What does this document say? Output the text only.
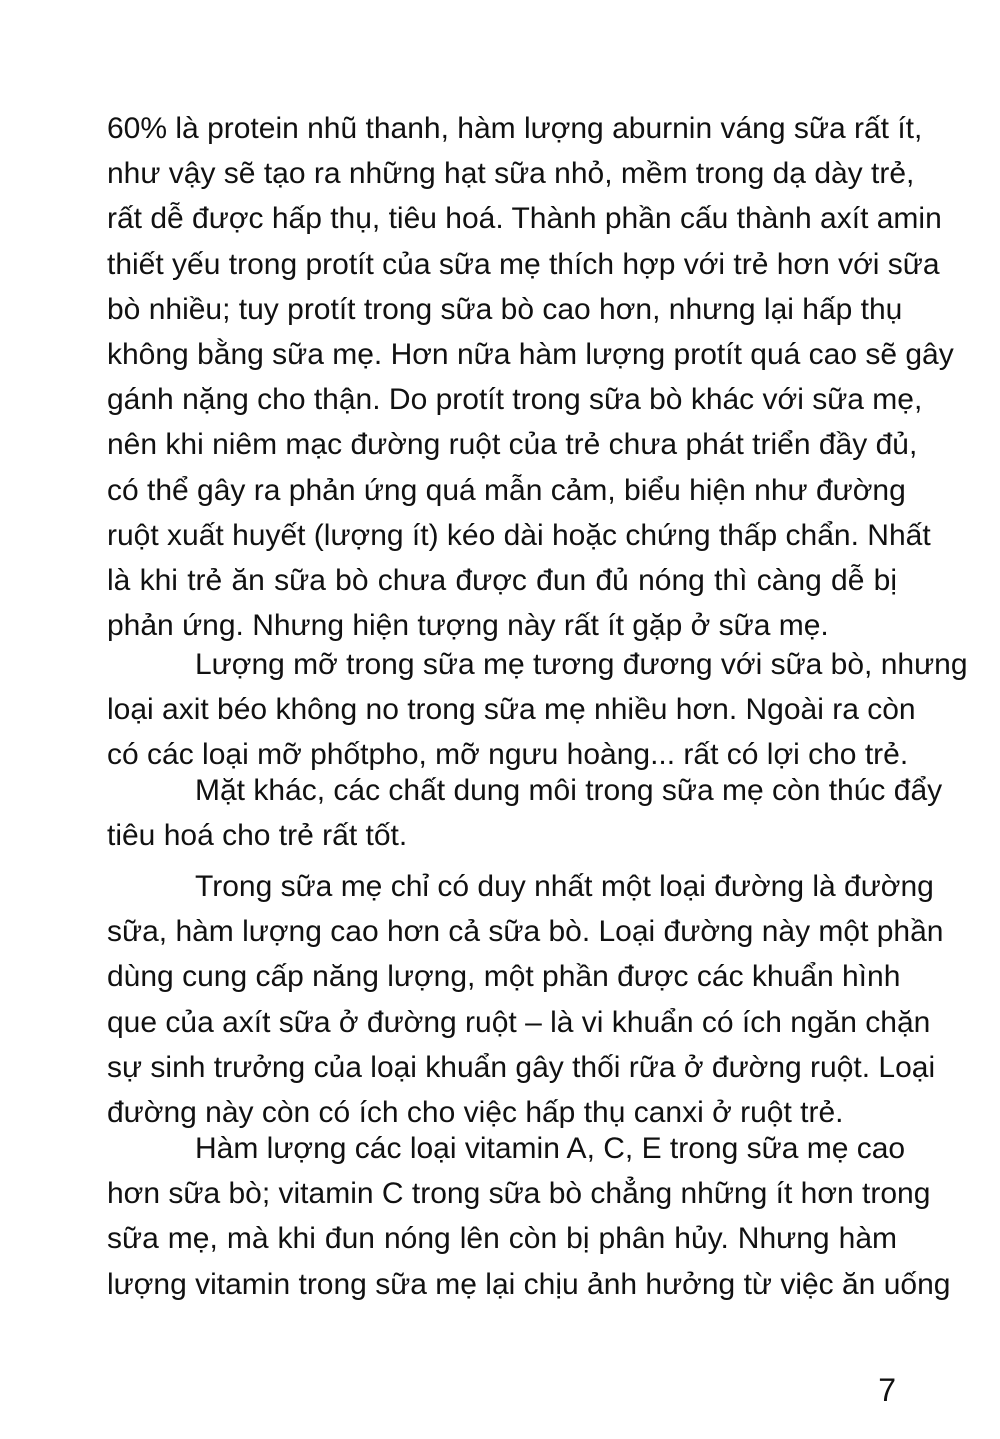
60% là protein nhũ thanh, hàm lượng aburnin váng sữa rất ít,
như vậy sẽ tạo ra những hạt sữa nhỏ, mềm trong dạ dày trẻ,
rất dễ được hấp thụ, tiêu hoá. Thành phần cấu thành axít amin
thiết yếu trong protít của sữa mẹ thích hợp với trẻ hơn với sữa
bò nhiều; tuy protít trong sữa bò cao hơn, nhưng lại hấp thụ
không bằng sữa mẹ. Hơn nữa hàm lượng protít quá cao sẽ gây
gánh nặng cho thận. Do protít trong sữa bò khác với sữa mẹ,
nên khi niêm mạc đường ruột của trẻ chưa phát triển đầy đủ,
có thể gây ra phản ứng quá mẫn cảm, biểu hiện như đường
ruột xuất huyết (lượng ít) kéo dài hoặc chứng thấp chẩn. Nhất
là khi trẻ ăn sữa bò chưa được đun đủ nóng thì càng dễ bị
phản ứng. Nhưng hiện tượng này rất ít gặp ở sữa mẹ.
Lượng mỡ trong sữa mẹ tương đương với sữa bò, nhưng
loại axit béo không no trong sữa mẹ nhiều hơn. Ngoài ra còn
có các loại mỡ phốtpho, mỡ ngưu hoàng... rất có lợi cho trẻ.
Mặt khác, các chất dung môi trong sữa mẹ còn thúc đẩy
tiêu hoá cho trẻ rất tốt.
Trong sữa mẹ chỉ có duy nhất một loại đường là đường
sữa, hàm lượng cao hơn cả sữa bò. Loại đường này một phần
dùng cung cấp năng lượng, một phần được các khuẩn hình
que của axít sữa ở đường ruột – là vi khuẩn có ích ngăn chặn
sự sinh trưởng của loại khuẩn gây thối rữa ở đường ruột. Loại
đường này còn có ích cho việc hấp thụ canxi ở ruột trẻ.
Hàm lượng các loại vitamin A, C, E trong sữa mẹ cao
hơn sữa bò; vitamin C trong sữa bò chẳng những ít hơn trong
sữa mẹ, mà khi đun nóng lên còn bị phân hủy. Nhưng hàm
lượng vitamin trong sữa mẹ lại chịu ảnh hưởng từ việc ăn uống
7
